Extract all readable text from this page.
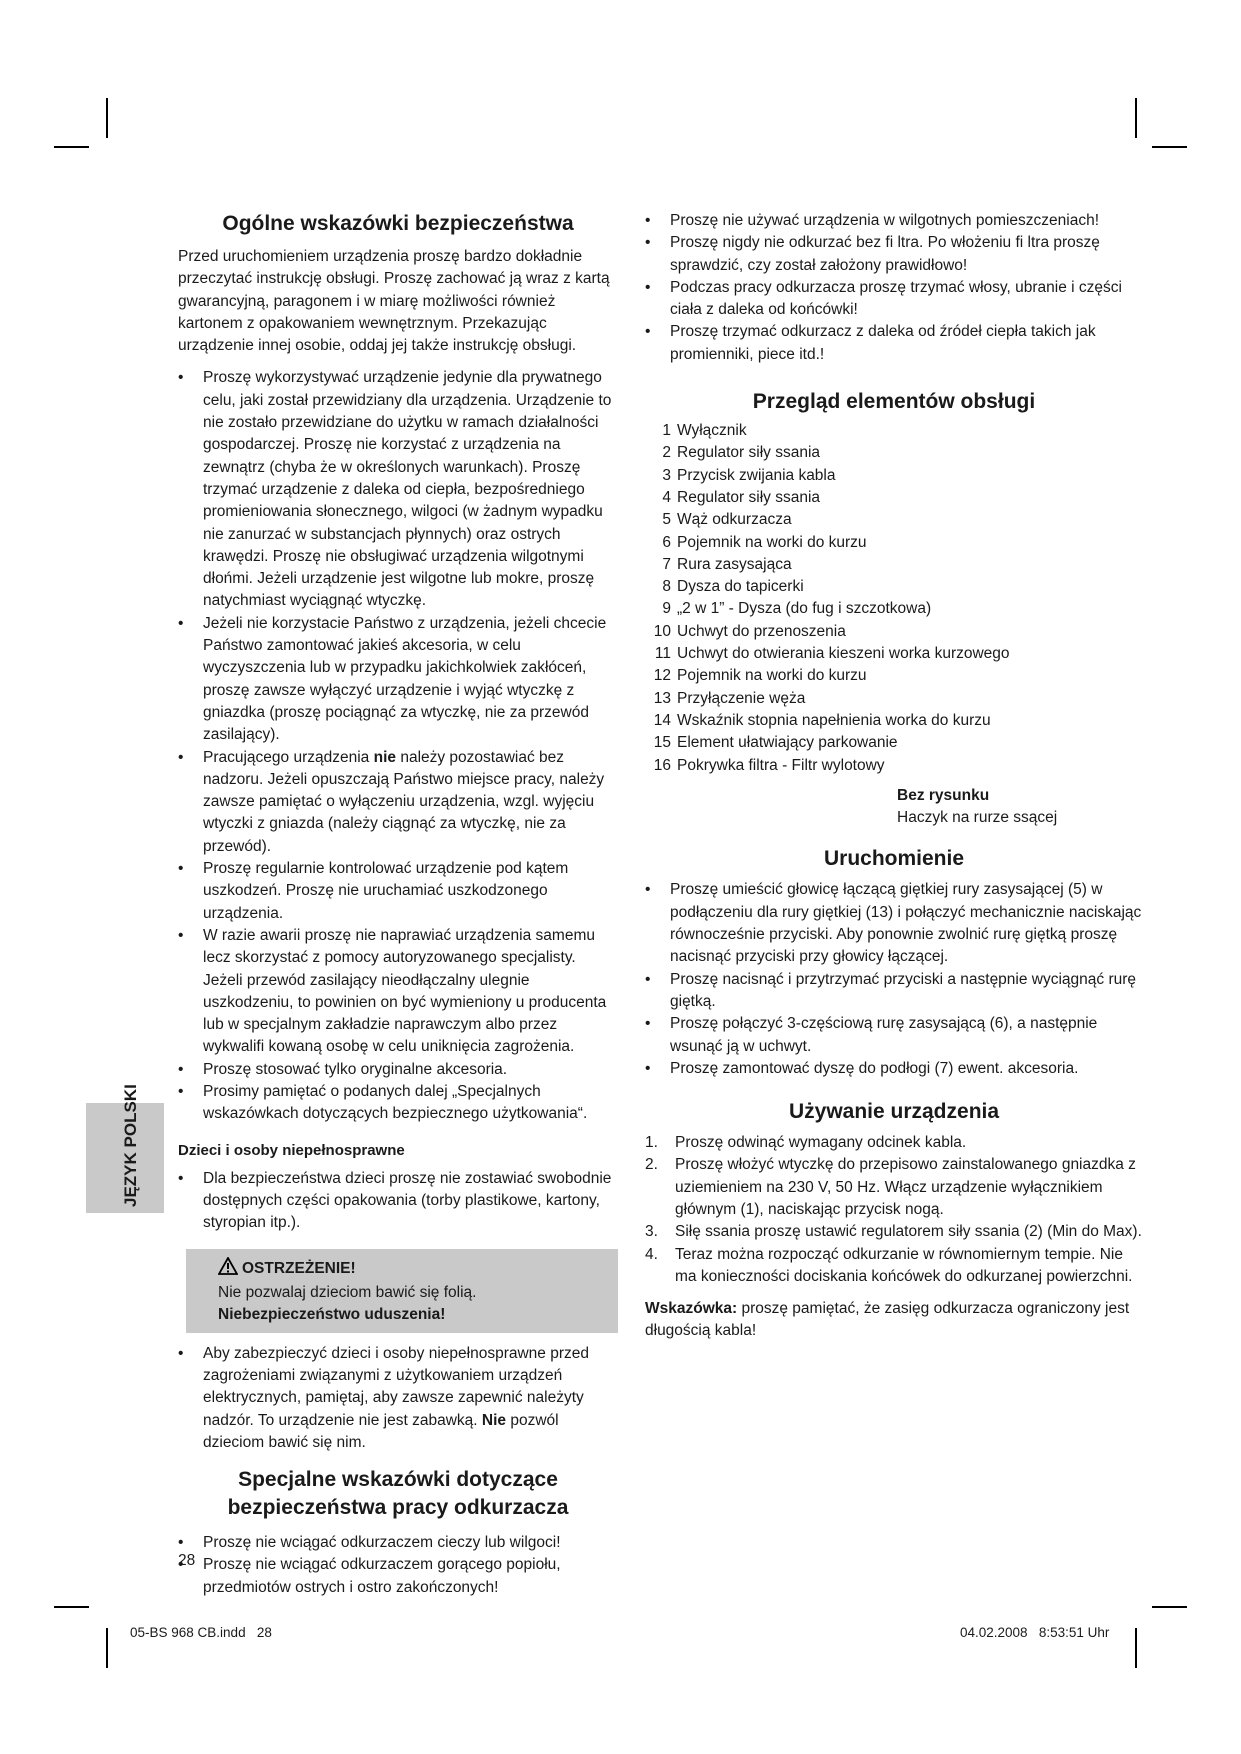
JĘZYK POLSKI
Ogólne wskazówki bezpieczeństwa

Przed uruchomieniem urządzenia proszę bardzo dokładnie przeczytać instrukcję obsługi. Proszę zachować ją wraz z kartą gwarancyjną, paragonem i w miarę możliwości również kartonem z opakowaniem wewnętrznym. Przekazując urządzenie innej osobie, oddaj jej także instrukcję obsługi.

• Proszę wykorzystywać urządzenie jedynie dla prywatnego celu, jaki został przewidziany dla urządzenia. Urządzenie to nie zostało przewidziane do użytku w ramach działalności gospodarczej. Proszę nie korzystać z urządzenia na zewnątrz (chyba że w określonych warunkach). Proszę trzymać urządzenie z daleka od ciepła, bezpośredniego promieniowania słonecznego, wilgoci (w żadnym wypadku nie zanurzać w substancjach płynnych) oraz ostrych krawędzi. Proszę nie obsługiwać urządzenia wilgotnymi dłońmi. Jeżeli urządzenie jest wilgotne lub mokre, proszę natychmiast wyciągnąć wtyczkę.
• Jeżeli nie korzystacie Państwo z urządzenia, jeżeli chcecie Państwo zamontować jakieś akcesoria, w celu wyczyszczenia lub w przypadku jakichkolwiek zakłóceń, proszę zawsze wyłączyć urządzenie i wyjąć wtyczkę z gniazdka (proszę pociągnąć za wtyczkę, nie za przewód zasilający).
• Pracującego urządzenia nie należy pozostawiać bez nadzoru. Jeżeli opuszczają Państwo miejsce pracy, należy zawsze pamiętać o wyłączeniu urządzenia, wzgl. wyjęciu wtyczki z gniazda (należy ciągnąć za wtyczkę, nie za przewód).
• Proszę regularnie kontrolować urządzenie pod kątem uszkodzeń. Proszę nie uruchamiać uszkodzonego urządzenia.
• W razie awarii proszę nie naprawiać urządzenia samemu lecz skorzystać z pomocy autoryzowanego specjalisty. Jeżeli przewód zasilający nieodłączalny ulegnie uszkodzeniu, to powinien on być wymieniony u producenta lub w specjalnym zakładzie naprawczym albo przez wykwalifi kowaną osobę w celu uniknięcia zagrożenia.
• Proszę stosować tylko oryginalne akcesoria.
• Prosimy pamiętać o podanych dalej „Specjalnych wskazówkach dotyczących bezpiecznego użytkowania“.
Dzieci i osoby niepełnosprawne
• Dla bezpieczeństwa dzieci proszę nie zostawiać swobodnie dostępnych części opakowania (torby plastikowe, kartony, styropian itp.).
OSTRZEŻENIE!
Nie pozwalaj dzieciom bawić się folią.
Niebezpieczeństwo uduszenia!
• Aby zabezpieczyć dzieci i osoby niepełnosprawne przed zagrożeniami związanymi z użytkowaniem urządzeń elektrycznych, pamiętaj, aby zawsze zapewnić należyty nadzór. To urządzenie nie jest zabawką. Nie pozwól dzieciom bawić się nim.
Specjalne wskazówki dotyczące bezpieczeństwa pracy odkurzacza
• Proszę nie wciągać odkurzaczem cieczy lub wilgoci!
• Proszę nie wciągać odkurzaczem gorącego popiołu, przedmiotów ostrych i ostro zakończonych!
• Proszę nie używać urządzenia w wilgotnych pomieszczeniach!
• Proszę nigdy nie odkurzać bez fi ltra. Po włożeniu fi ltra proszę sprawdzić, czy został założony prawidłowo!
• Podczas pracy odkurzacza proszę trzymać włosy, ubranie i części ciała z daleka od końcówki!
• Proszę trzymać odkurzacz z daleka od źródeł ciepła takich jak promienniki, piece itd.!
Przegląd elementów obsługi
1 Wyłącznik
2 Regulator siły ssania
3 Przycisk zwijania kabla
4 Regulator siły ssania
5 Wąż odkurzacza
6 Pojemnik na worki do kurzu
7 Rura zasysająca
8 Dysza do tapicerki
9 „2 w 1” - Dysza (do fug i szczotkowa)
10 Uchwyt do przenoszenia
11 Uchwyt do otwierania kieszeni worka kurzowego
12 Pojemnik na worki do kurzu
13 Przyłączenie węża
14 Wskaźnik stopnia napełnienia worka do kurzu
15 Element ułatwiający parkowanie
16 Pokrywka filtra - Filtr wylotowy
Bez rysunku
Haczyk na rurze ssącej
Uruchomienie
• Proszę umieścić głowicę łączącą giętkiej rury zasysającej (5) w podłączeniu dla rury giętkiej (13) i połączyć mechanicznie naciskając równocześnie przyciski. Aby ponownie zwolnić rurę giętką proszę nacisnąć przyciski przy głowicy łączącej.
• Proszę nacisnąć i przytrzymać przyciski a następnie wyciągnąć rurę giętką.
• Proszę połączyć 3-częściową rurę zasysającą (6), a następnie wsunąć ją w uchwyt.
• Proszę zamontować dyszę do podłogi (7) ewent. akcesoria.
Używanie urządzenia
1. Proszę odwinąć wymagany odcinek kabla.
2. Proszę włożyć wtyczkę do przepisowo zainstalowanego gniazdka z uziemieniem na 230 V, 50 Hz. Włącz urządzenie wyłącznikiem głównym (1), naciskając przycisk nogą.
3. Siłę ssania proszę ustawić regulatorem siły ssania (2) (Min do Max).
4. Teraz można rozpocząć odkurzanie w równomiernym tempie. Nie ma konieczności dociskania końcówek do odkurzanej powierzchni.

Wskazówka: proszę pamiętać, że zasięg odkurzacza ograniczony jest długością kabla!

28
05-BS 968 CB.indd   28	04.02.2008   8:53:51 Uhr
